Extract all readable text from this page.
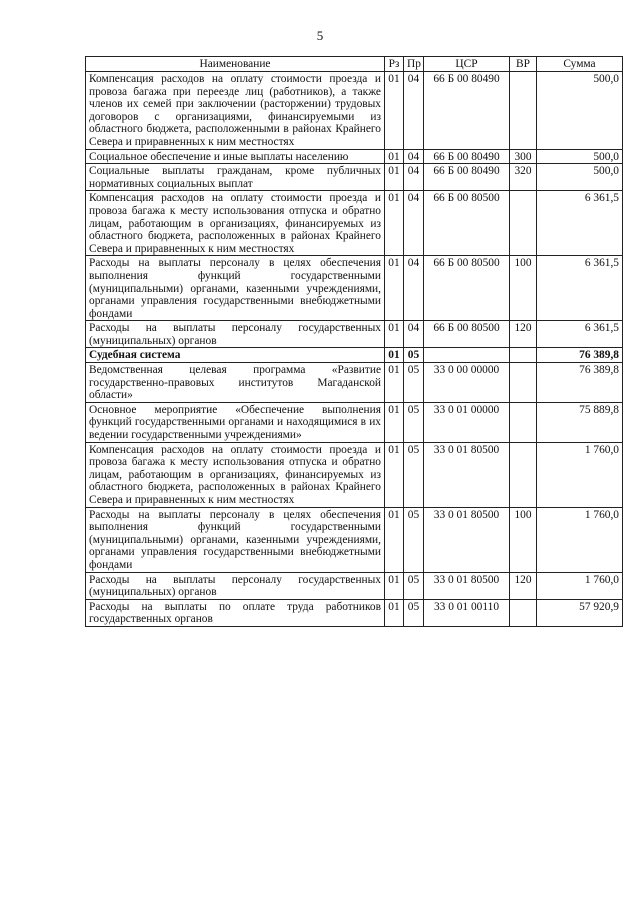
5
Наименование	Рз	Пр	ЦСР	ВР	Сумма
Компенсация расходов на оплату стоимости проезда и провоза багажа при переезде лиц (работников), а также членов их семей при заключении (расторжении) трудовых договоров с организациями, финансируемыми из областного бюджета, расположенными в районах Крайнего Севера и приравненных к ним местностях	01	04	66 Б 00 80490		500,0
Социальное обеспечение и иные выплаты населению	01	04	66 Б 00 80490	300	500,0
Социальные выплаты гражданам, кроме публичных нормативных социальных выплат	01	04	66 Б 00 80490	320	500,0
Компенсация расходов на оплату стоимости проезда и провоза багажа к месту использования отпуска и обратно лицам, работающим в организациях, финансируемых из областного бюджета, расположенных в районах Крайнего Севера и приравненных к ним местностях	01	04	66 Б 00 80500		6 361,5
Расходы на выплаты персоналу в целях обеспечения выполнения функций государственными (муниципальными) органами, казенными учреждениями, органами управления государственными внебюджетными фондами	01	04	66 Б 00 80500	100	6 361,5
Расходы на выплаты персоналу государственных (муниципальных) органов	01	04	66 Б 00 80500	120	6 361,5
Судебная система	01	05			76 389,8
Ведомственная целевая программа «Развитие государственно-правовых институтов Магаданской области»	01	05	33 0 00 00000		76 389,8
Основное мероприятие «Обеспечение выполнения функций государственными органами и находящимися в их ведении государственными учреждениями»	01	05	33 0 01 00000		75 889,8
Компенсация расходов на оплату стоимости проезда и провоза багажа к месту использования отпуска и обратно лицам, работающим в организациях, финансируемых из областного бюджета, расположенных в районах Крайнего Севера и приравненных к ним местностях	01	05	33 0 01 80500		1 760,0
Расходы на выплаты персоналу в целях обеспечения выполнения функций государственными (муниципальными) органами, казенными учреждениями, органами управления государственными внебюджетными фондами	01	05	33 0 01 80500	100	1 760,0
Расходы на выплаты персоналу государственных (муниципальных) органов	01	05	33 0 01 80500	120	1 760,0
Расходы на выплаты по оплате труда работников государственных органов	01	05	33 0 01 00110		57 920,9
